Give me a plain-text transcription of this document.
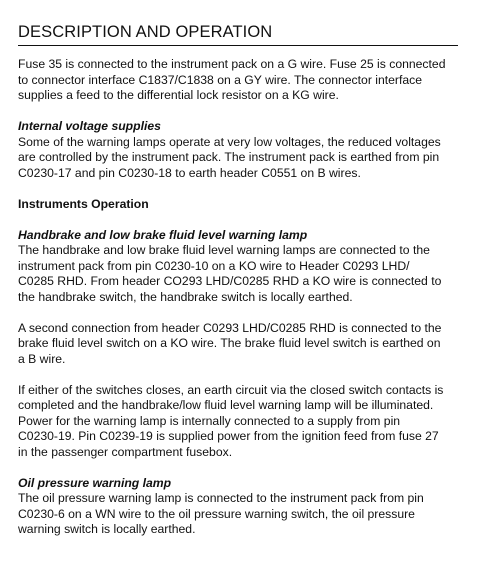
DESCRIPTION AND OPERATION
Fuse 35 is connected to the instrument pack on a G wire. Fuse 25 is connected
to connector interface C1837/C1838 on a GY wire. The connector interface
supplies a feed to the differential lock resistor on a KG wire.
Internal voltage supplies
Some of the warning lamps operate at very low voltages, the reduced voltages
are controlled by the instrument pack. The instrument pack is earthed from pin
C0230-17 and pin C0230-18 to earth header C0551 on B wires.
Instruments Operation
Handbrake and low brake fluid level warning lamp
The handbrake and low brake fluid level warning lamps are connected to the
instrument pack from pin C0230-10 on a KO wire to Header C0293 LHD/
C0285 RHD. From header CO293 LHD/C0285 RHD a KO wire is connected to
the handbrake switch, the handbrake switch is locally earthed.
A second connection from header C0293 LHD/C0285 RHD is connected to the
brake fluid level switch on a KO wire. The brake fluid level switch is earthed on
a B wire.
If either of the switches closes, an earth circuit via the closed switch contacts is
completed and the handbrake/low fluid level warning lamp will be illuminated.
Power for the warning lamp is internally connected to a supply from pin
C0230-19. Pin C0239-19 is supplied power from the ignition feed from fuse 27
in the passenger compartment fusebox.
Oil pressure warning lamp
The oil pressure warning lamp is connected to the instrument pack from pin
C0230-6 on a WN wire to the oil pressure warning switch, the oil pressure
warning switch is locally earthed.
